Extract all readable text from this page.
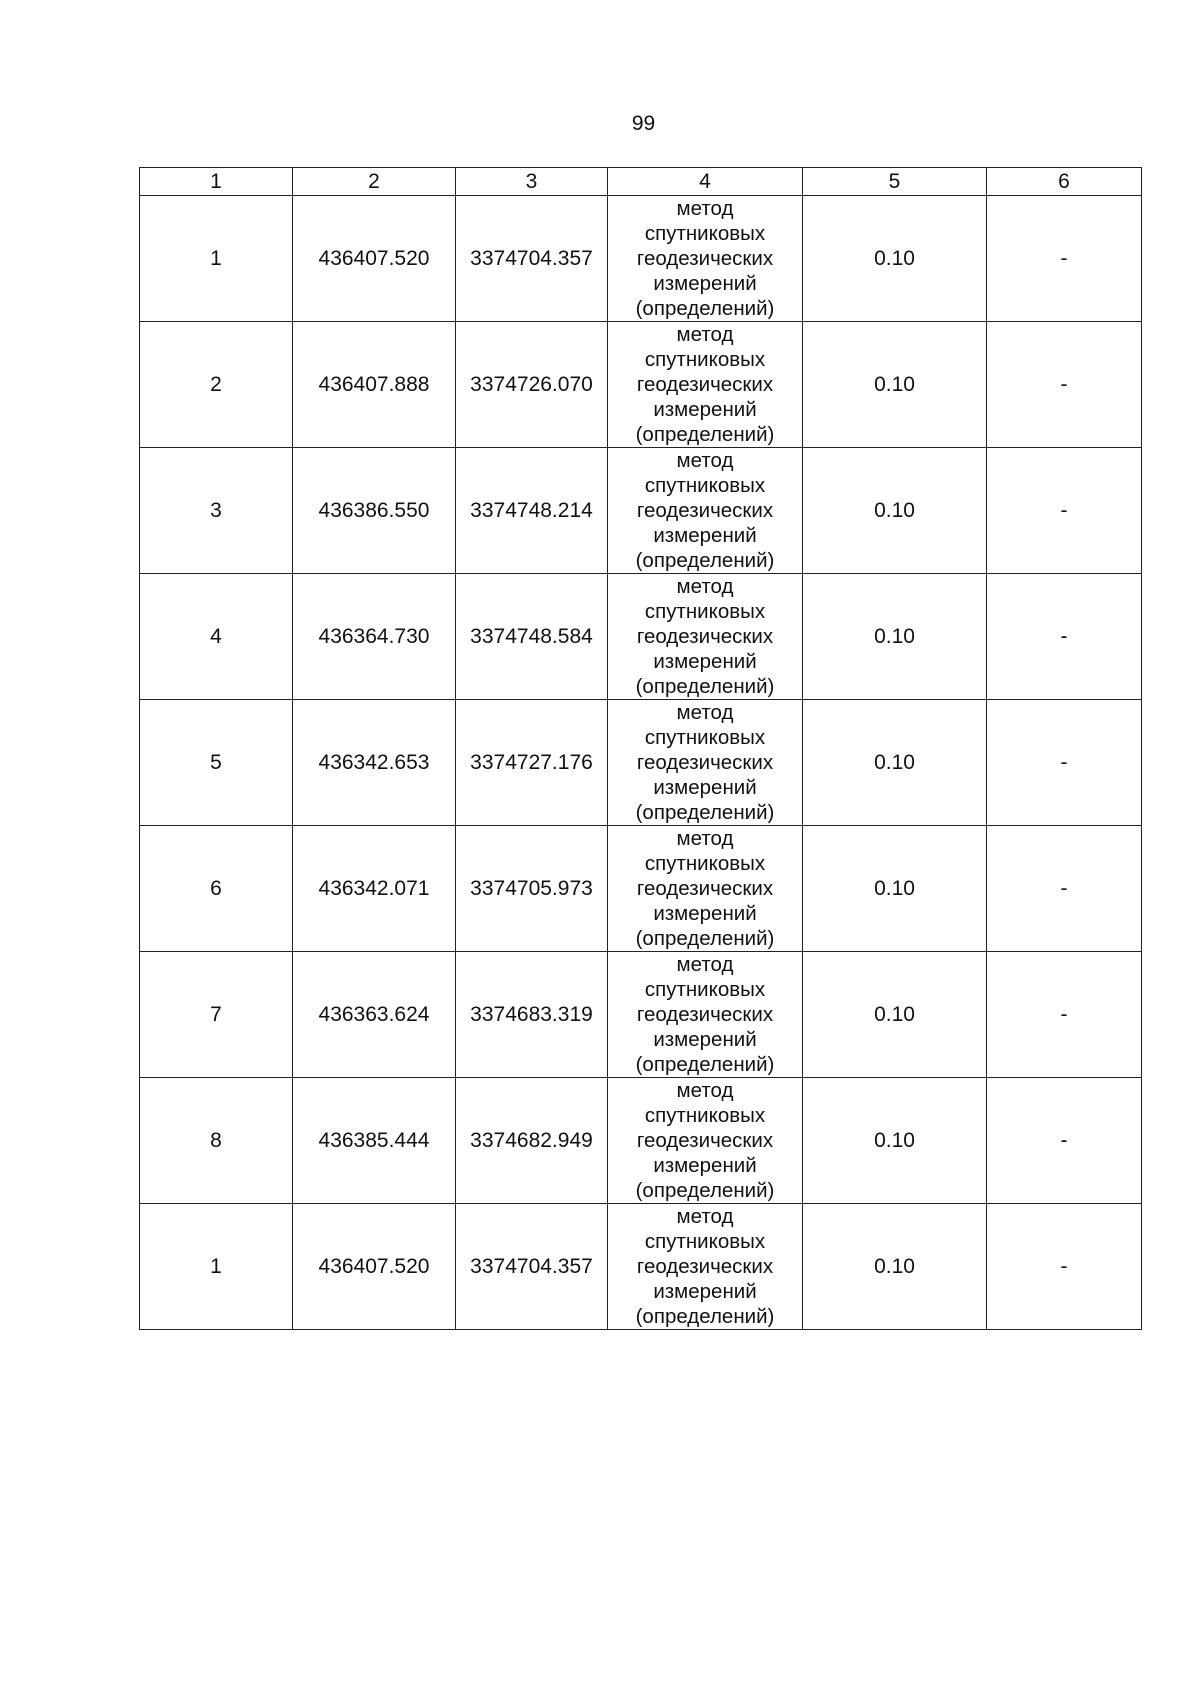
99
1	2	3	4	5	6
1	436407.520	3374704.357	метод
спутниковых
геодезических
измерений
(определений)	0.10	-
2	436407.888	3374726.070	метод
спутниковых
геодезических
измерений
(определений)	0.10	-
3	436386.550	3374748.214	метод
спутниковых
геодезических
измерений
(определений)	0.10	-
4	436364.730	3374748.584	метод
спутниковых
геодезических
измерений
(определений)	0.10	-
5	436342.653	3374727.176	метод
спутниковых
геодезических
измерений
(определений)	0.10	-
6	436342.071	3374705.973	метод
спутниковых
геодезических
измерений
(определений)	0.10	-
7	436363.624	3374683.319	метод
спутниковых
геодезических
измерений
(определений)	0.10	-
8	436385.444	3374682.949	метод
спутниковых
геодезических
измерений
(определений)	0.10	-
1	436407.520	3374704.357	метод
спутниковых
геодезических
измерений
(определений)	0.10	-
